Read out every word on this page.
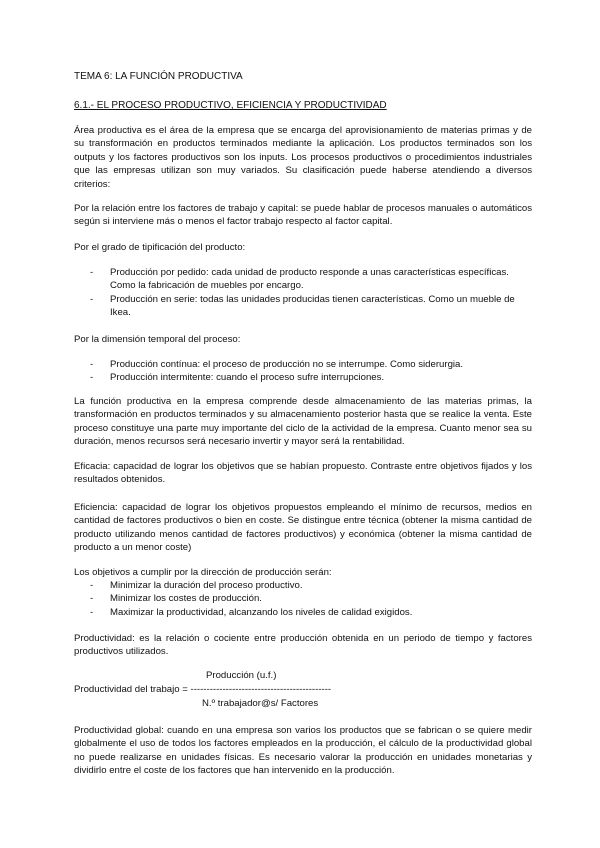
TEMA 6: LA FUNCIÓN PRODUCTIVA
6.1.- EL PROCESO PRODUCTIVO, EFICIENCIA Y PRODUCTIVIDAD

Área productiva es el área de la empresa que se encarga del aprovisionamiento de materias primas y de su transformación en productos terminados mediante la aplicación. Los productos terminados son los outputs y los factores productivos son los inputs. Los procesos productivos o procedimientos industriales que las empresas utilizan son muy variados. Su clasificación puede haberse atendiendo a diversos criterios:

Por la relación entre los factores de trabajo y capital: se puede hablar de procesos manuales o automáticos según si interviene más o menos el factor trabajo respecto al factor capital.

Por el grado de tipificación del producto:

- Producción por pedido: cada unidad de producto responde a unas características específicas. Como la fabricación de muebles por encargo.
- Producción en serie: todas las unidades producidas tienen características. Como un mueble de Ikea.

Por la dimensión temporal del proceso:

- Producción contínua: el proceso de producción no se interrumpe. Como siderurgia.
- Producción intermitente: cuando el proceso sufre interrupciones.

La función productiva en la empresa comprende desde almacenamiento de las materias primas, la transformación en productos terminados y su almacenamiento posterior hasta que se realice la venta. Este proceso constituye una parte muy importante del ciclo de la actividad de la empresa. Cuanto menor sea su duración, menos recursos será necesario invertir y mayor será la rentabilidad.

Eficacia: capacidad de lograr los objetivos que se habían propuesto. Contraste entre objetivos fijados y los resultados obtenidos.

Eficiencia: capacidad de lograr los objetivos propuestos empleando el mínimo de recursos, medios en cantidad de factores productivos o bien en coste. Se distingue entre técnica (obtener la misma cantidad de producto utilizando menos cantidad de factores productivos) y económica (obtener la misma cantidad de producto a un menor coste)

Los objetivos a cumplir por la dirección de producción serán:

- Minimizar la duración del proceso productivo.
- Minimizar los costes de producción.
- Maximizar la productividad, alcanzando los niveles de calidad exigidos.

Productividad: es la relación o cociente entre producción obtenida en un periodo de tiempo y factores productivos utilizados.

Producción (u.f.)
Productividad del trabajo = --------------------------------------------
N.º trabajador@s/ Factores

Productividad global: cuando en una empresa son varios los productos que se fabrican o se quiere medir globalmente el uso de todos los factores empleados en la producción, el cálculo de la productividad global no puede realizarse en unidades físicas. Es necesario valorar la producción en unidades monetarias y dividirlo entre el coste de los factores que han intervenido en la producción.
